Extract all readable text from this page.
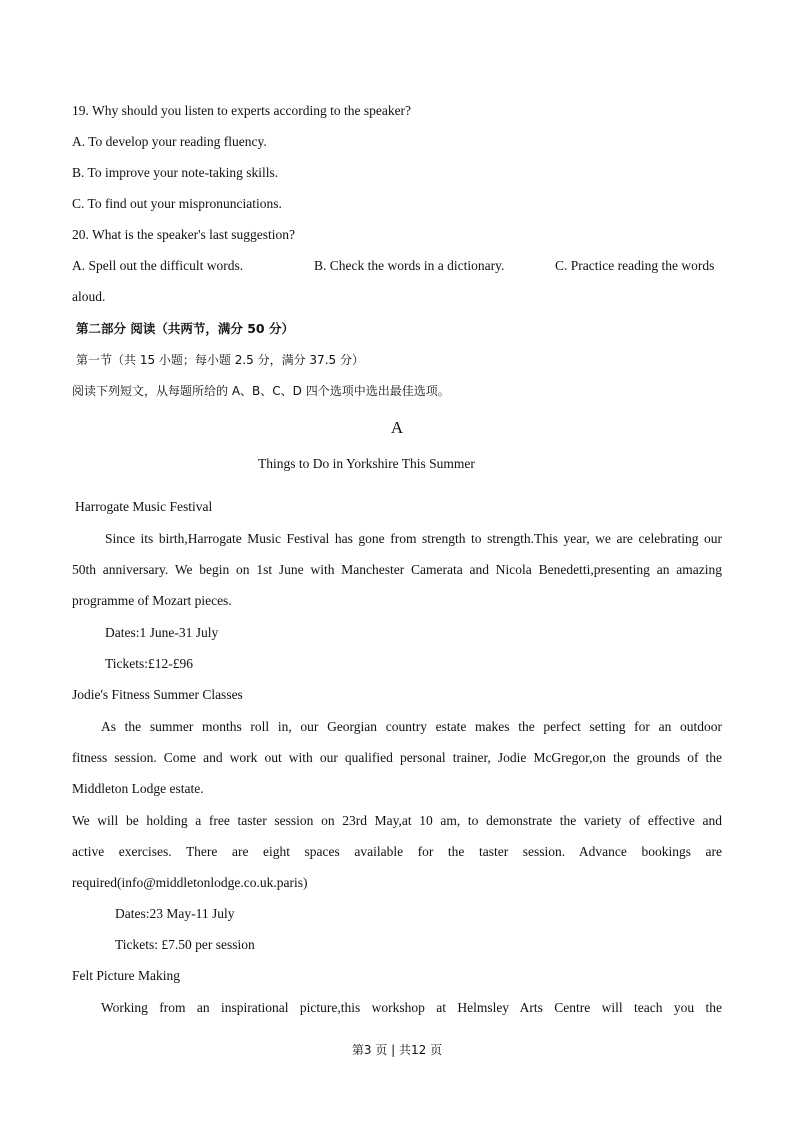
19. Why should you listen to experts according to the speaker?
A. To develop your reading fluency.
B. To improve your note-taking skills.
C. To find out your mispronunciations.
20. What is the speaker's last suggestion?
A. Spell out the difficult words.	B. Check the words in a dictionary.	C. Practice reading the words
aloud.
第二部分 阅读（共两节，满分 50 分）
第一节（共 15 小题；每小题 2.5 分，满分 37.5 分）
阅读下列短文，从每题所给的 A、B、C、D 四个选项中选出最佳选项。
A
Things to Do in Yorkshire This Summer
Harrogate Music Festival
Since its birth,Harrogate Music Festival has gone from strength to strength.This year, we are celebrating our
50th anniversary. We begin on 1st June with Manchester Camerata and Nicola Benedetti,presenting an amazing
programme of Mozart pieces.
Dates:1 June-31 July
Tickets:£12-£96
Jodie's Fitness Summer Classes
As the summer months roll in, our Georgian country estate makes the perfect setting for an outdoor
fitness session. Come and work out with our qualified personal trainer, Jodie McGregor,on the grounds of the
Middleton Lodge estate.
We will be holding a free taster session on 23rd May,at 10 am, to demonstrate the variety of effective and
active exercises. There are eight spaces available for the taster session. Advance bookings are
required(info@middletonlodge.co.uk.paris)
Dates:23 May-11 July
Tickets: £7.50 per session
Felt Picture Making
Working from an inspirational picture,this workshop at Helmsley Arts Centre will teach you the
第3 页 | 共12 页
